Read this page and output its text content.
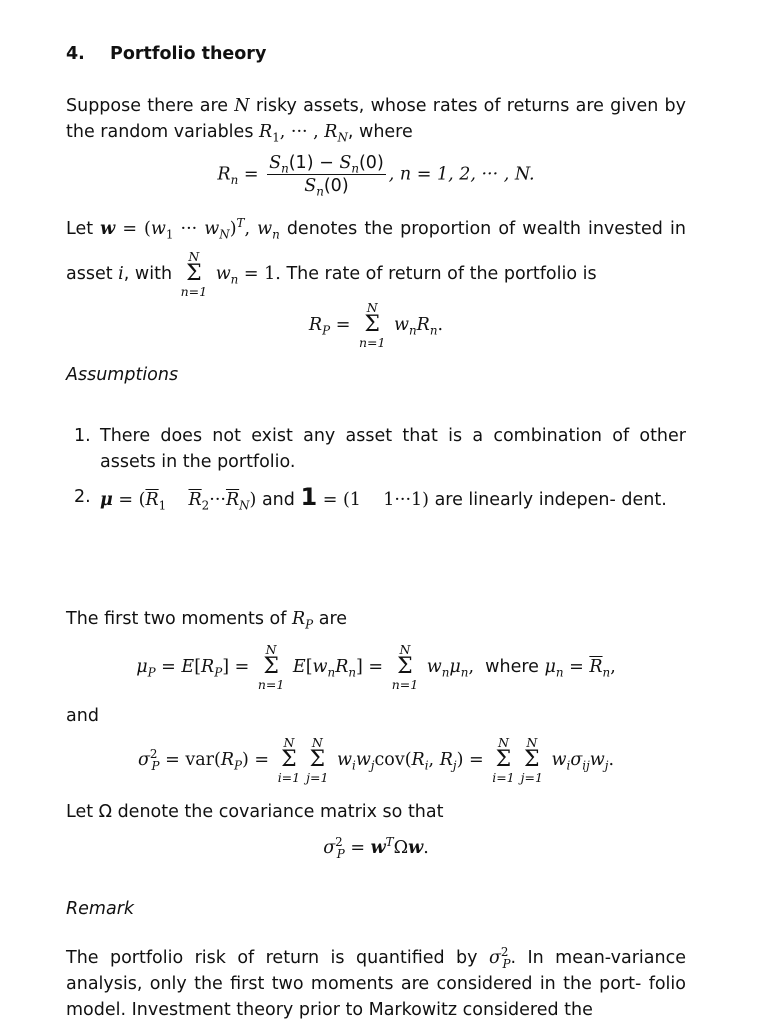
4. Portfolio theory

Suppose there are N risky assets, whose rates of returns are given by the random variables $R_1$, ··· , $R_N$, where

$R_n = \frac{S_n(1) - S_n(0)}{S_n(0)}$ , n = 1, 2, ··· , N.

Let $w = (w_1$ ··· $w_N)^T$, $w_n$ denotes the proportion of wealth invested in asset i, with
N
Σ
n=1
$w_n = 1$. The rate of return of the portfolio is

$R_P$ =
N
Σ
n=1
$w_nR_n$.

Assumptions

1. There does not exist any asset that is a combination of other assets in the portfolio.
2. $\mu = (\overline{R}_1$ $\overline{R}_2\cdot\cdot\cdot\overline{R}_N$) and 1 = (1    1···1) are linearly indepen- dent.

The first two moments of $R_P$ are

$\mu_P = E[R_P]$ =
N
Σ
n=1
$E[w_nR_n]$ =
N
Σ
n=1
$w_n\mu_n$, where $\mu_n = \overline{R}_n$,

and

$\sigma^2_P = var(R_P)$ =
N
Σ
i=1
N
Σ
j=1
$w_iw_jcov(R_i$, $R_j$) =
N
Σ
i=1
N
Σ
j=1
$w_i\sigma_{ij}w_j$.

Let Ω denote the covariance matrix so that

$\sigma^2_P = w^T\Omega w$.

Remark

The portfolio risk of return is quantified by $\sigma^2_P$. In mean-variance analysis, only the first two moments are considered in the port- folio model. Investment theory prior to Markowitz considered the
